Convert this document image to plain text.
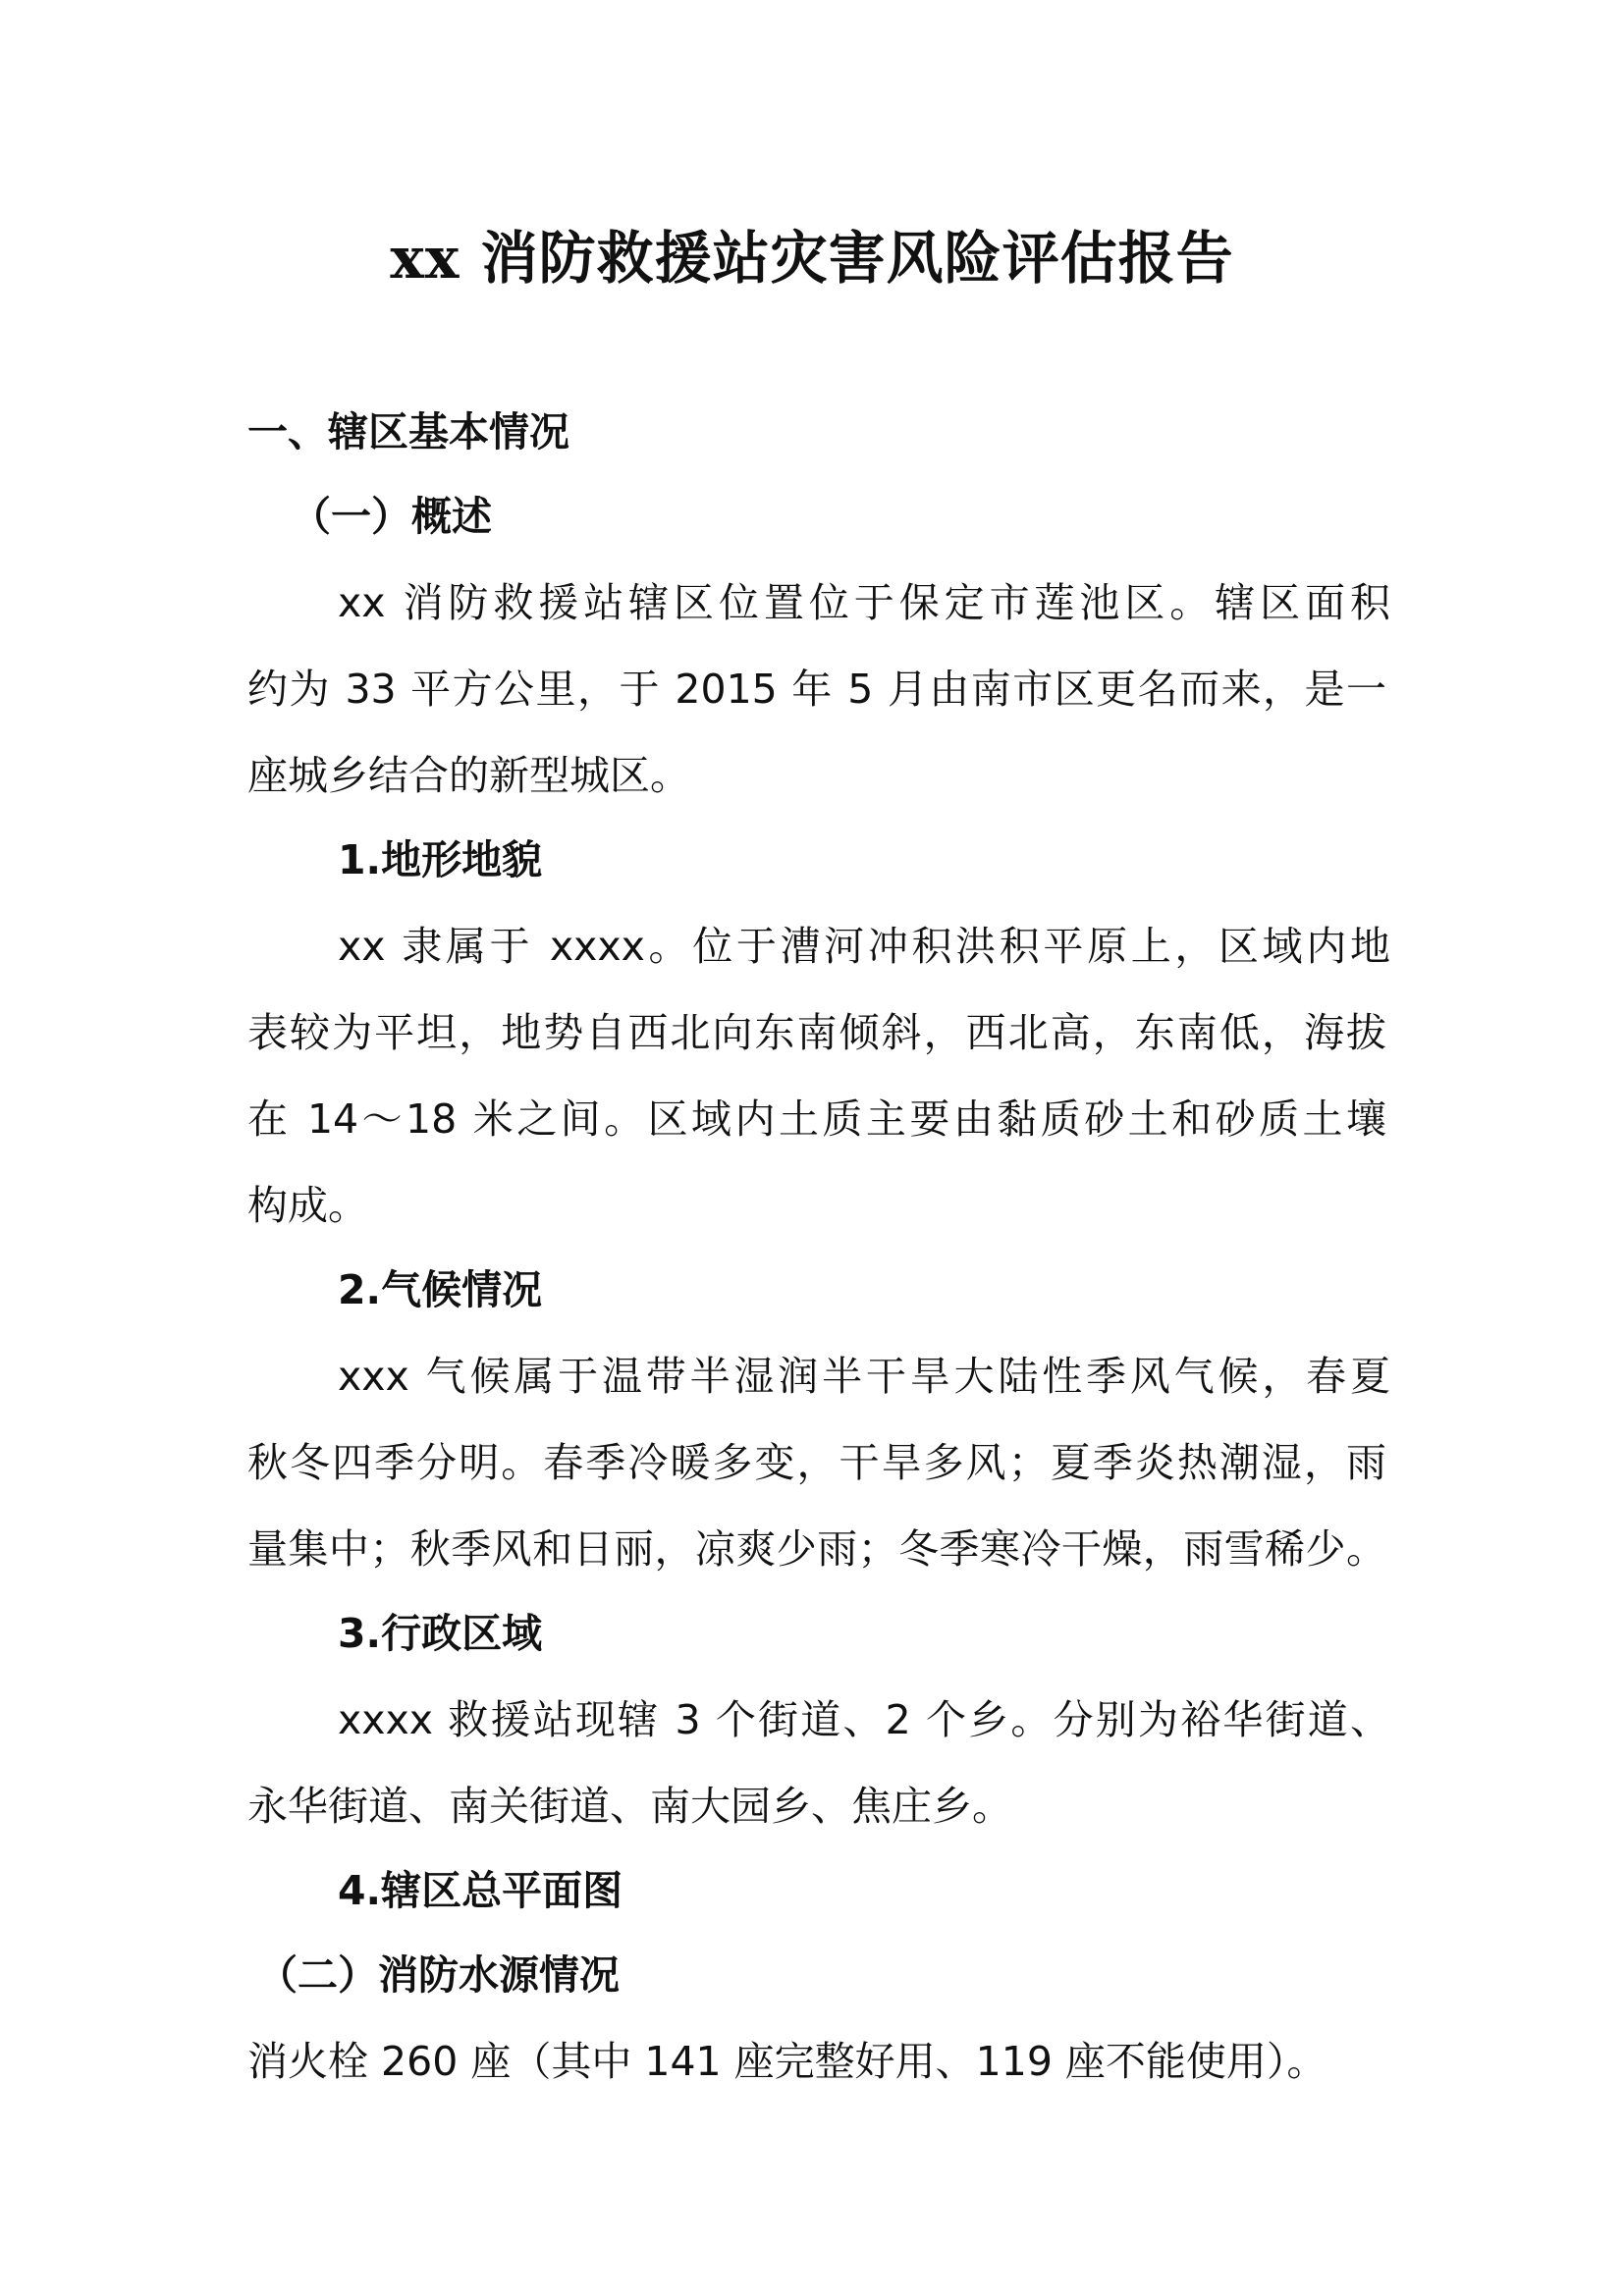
xx 消防救援站灾害风险评估报告
一、辖区基本情况
（一）概述
xx 消防救援站辖区位置位于保定市莲池区。辖区面积
约为 33 平方公里，于 2015 年 5 月由南市区更名而来，是一
座城乡结合的新型城区。
1.地形地貌
xx 隶属于 xxxx。位于漕河冲积洪积平原上，区域内地
表较为平坦，地势自西北向东南倾斜，西北高，东南低，海拔
在 14～18 米之间。区域内土质主要由黏质砂土和砂质土壤
构成。
2.气候情况
xxx 气候属于温带半湿润半干旱大陆性季风气候，春夏
秋冬四季分明。春季冷暖多变，干旱多风；夏季炎热潮湿，雨
量集中；秋季风和日丽，凉爽少雨；冬季寒冷干燥，雨雪稀少。
3.行政区域
xxxx 救援站现辖 3 个街道、2 个乡。分别为裕华街道、
永华街道、南关街道、南大园乡、焦庄乡。
4.辖区总平面图
（二）消防水源情况
消火栓 260 座（其中 141 座完整好用、119 座不能使用）。
